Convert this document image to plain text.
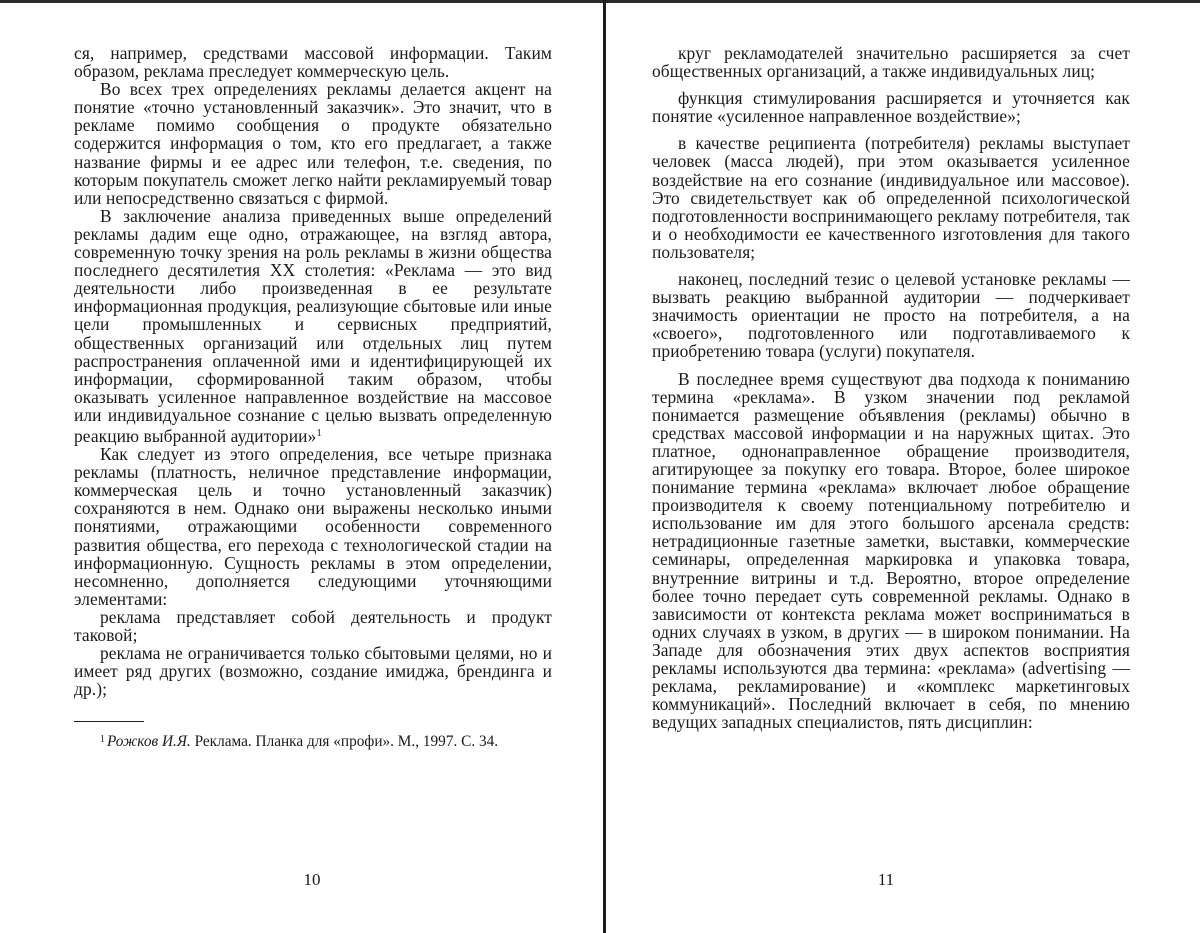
ся, например, средствами массовой информации. Таким образом, реклама преследует коммерческую цель.

Во всех трех определениях рекламы делается акцент на понятие «точно установленный заказчик». Это значит, что в рекламе помимо сообщения о продукте обязательно содержится информация о том, кто его предлагает, а также название фирмы и ее адрес или телефон, т.е. сведения, по которым покупатель сможет легко найти рекламируемый товар или непосредственно связаться с фирмой.

В заключение анализа приведенных выше определений рекламы дадим еще одно, отражающее, на взгляд автора, современную точку зрения на роль рекламы в жизни общества последнего десятилетия XX столетия: «Реклама — это вид деятельности либо произведенная в ее результате информационная продукция, реализующие сбытовые или иные цели промышленных и сервисных предприятий, общественных организаций или отдельных лиц путем распространения оплаченной ими и идентифицирующей их информации, сформированной таким образом, чтобы оказывать усиленное направленное воздействие на массовое или индивидуальное сознание с целью вызвать определенную реакцию выбранной аудитории»$^1$

Как следует из этого определения, все четыре признака рекламы (платность, неличное представление информации, коммерческая цель и точно установленный заказчик) сохраняются в нем. Однако они выражены несколько иными понятиями, отражающими особенности современного развития общества, его перехода с технологической стадии на информационную. Сущность рекламы в этом определении, несомненно, дополняется следующими уточняющими элементами:

реклама представляет собой деятельность и продукт таковой;

реклама не ограничивается только сбытовыми целями, но и имеет ряд других (возможно, создание имиджа, брендинга и др.);

$^1$ Рожков И.Я. Реклама. Планка для «профи». М., 1997. С. 34.

10

круг рекламодателей значительно расширяется за счет общественных организаций, а также индивидуальных лиц;

функция стимулирования расширяется и уточняется как понятие «усиленное направленное воздействие»;

в качестве реципиента (потребителя) рекламы выступает человек (масса людей), при этом оказывается усиленное воздействие на его сознание (индивидуальное или массовое). Это свидетельствует как об определенной психологической подготовленности воспринимающего рекламу потребителя, так и о необходимости ее качественного изготовления для такого пользователя;

наконец, последний тезис о целевой установке рекламы — вызвать реакцию выбранной аудитории — подчеркивает значимость ориентации не просто на потребителя, а на «своего», подготовленного или подготавливаемого к приобретению товара (услуги) покупателя.

В последнее время существуют два подхода к пониманию термина «реклама». В узком значении под рекламой понимается размещение объявления (рекламы) обычно в средствах массовой информации и на наружных щитах. Это платное, однонаправленное обращение производителя, агитирующее за покупку его товара. Второе, более широкое понимание термина «реклама» включает любое обращение производителя к своему потенциальному потребителю и использование им для этого большого арсенала средств: нетрадиционные газетные заметки, выставки, коммерческие семинары, определенная маркировка и упаковка товара, внутренние витрины и т.д. Вероятно, второе определение более точно передает суть современной рекламы. Однако в зависимости от контекста реклама может восприниматься в одних случаях в узком, в других — в широком понимании. На Западе для обозначения этих двух аспектов восприятия рекламы используются два термина: «реклама» (advertising — реклама, рекламирование) и «комплекс маркетинговых коммуникаций». Последний включает в себя, по мнению ведущих западных специалистов, пять дисциплин:

11
